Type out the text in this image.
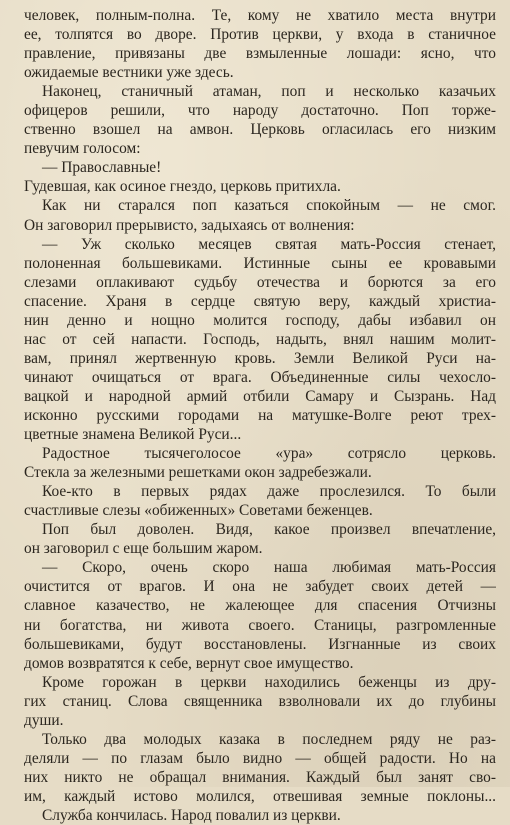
человек, полным-полна. Те, кому не хватило места внутри
ее, толпятся во дворе. Против церкви, у входа в станичное
правление, привязаны две взмыленные лошади: ясно, что
ожидаемые вестники уже здесь.
Наконец, станичный атаман, поп и несколько казачьих
офицеров решили, что народу достаточно. Поп торже-
ственно взошел на амвон. Церковь огласилась его низким
певучим голосом:
— Православные!
Гудевшая, как осиное гнездо, церковь притихла.
Как ни старался поп казаться спокойным — не смог.
Он заговорил прерывисто, задыхаясь от волнения:
— Уж сколько месяцев святая мать-Россия стенает,
полоненная большевиками. Истинные сыны ее кровавыми
слезами оплакивают судьбу отечества и борются за его
спасение. Храня в сердце святую веру, каждый христиа-
нин денно и нощно молится господу, дабы избавил он
нас от сей напасти. Господь, надыть, внял нашим молит-
вам, принял жертвенную кровь. Земли Великой Руси на-
чинают очищаться от врага. Объединенные силы чехосло-
вацкой и народной армий отбили Самару и Сызрань. Над
исконно русскими городами на матушке-Волге реют трех-
цветные знамена Великой Руси...
Радостное тысячеголосое «ура» сотрясло церковь.
Стекла за железными решетками окон задребезжали.
Кое-кто в первых рядах даже прослезился. То были
счастливые слезы «обиженных» Советами беженцев.
Поп был доволен. Видя, какое произвел впечатление,
он заговорил с еще большим жаром.
— Скоро, очень скоро наша любимая мать-Россия
очистится от врагов. И она не забудет своих детей —
славное казачество, не жалеющее для спасения Отчизны
ни богатства, ни живота своего. Станицы, разгромленные
большевиками, будут восстановлены. Изгнанные из своих
домов возвратятся к себе, вернут свое имущество.
Кроме горожан в церкви находились беженцы из дру-
гих станиц. Слова священника взволновали их до глубины
души.
Только два молодых казака в последнем ряду не раз-
деляли — по глазам было видно — общей радости. Но на
них никто не обращал внимания. Каждый был занят сво-
им, каждый истово молился, отвешивая земные поклоны...
Служба кончилась. Народ повалил из церкви.
